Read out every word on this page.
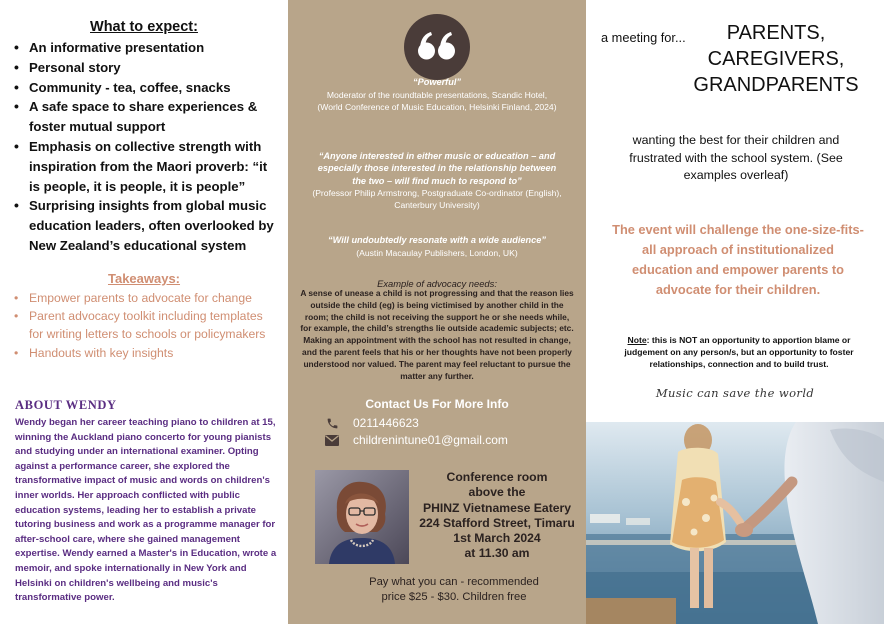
What to expect:
• An informative presentation
• Personal story
• Community - tea, coffee, snacks
• A safe space to share experiences & foster mutual support
• Emphasis on collective strength with inspiration from the Maori proverb: “it is people, it is people, it is people”
• Surprising insights from global music education leaders, often overlooked by New Zealand’s educational system
Takeaways:
• Empower parents to advocate for change
• Parent advocacy toolkit including templates for writing letters to schools or policymakers
• Handouts with key insights
ABOUT WENDY

Wendy began her career teaching piano to children at 15, winning the Auckland piano concerto for young pianists and studying under an international examiner. Opting against a performance career, she explored the transformative impact of music and words on children's inner worlds. Her approach conflicted with public education systems, leading her to establish a private tutoring business and work as a programme manager for after-school care, where she gained management expertise. Wendy earned a Master's in Education, wrote a memoir, and spoke internationally in New York and Helsinki on children's wellbeing and music's transformative power.

“Powerful”
Moderator of the roundtable presentations, Scandic Hotel, (World Conference of Music Education, Helsinki Finland, 2024)
“Anyone interested in either music or education – and especially those interested in the relationship between the two – will find much to respond to”
(Professor Philip Armstrong, Postgraduate Co-ordinator (English), Canterbury University)
“Will undoubtedly resonate with a wide audience”
(Austin Macaulay Publishers, London, UK)
Example of advocacy needs:
A sense of unease a child is not progressing and that the reason lies outside the child (eg) is being victimised by another child in the room; the child is not receiving the support he or she needs while, for example, the child’s strengths lie outside academic subjects; etc. Making an appointment with the school has not resulted in change, and the parent feels that his or her thoughts have not been properly understood nor valued. The parent may feel reluctant to pursue the matter any further.
Contact Us For More Info
0211446623
childrenintune01@gmail.com
Conference room
above the
PHINZ Vietnamese Eatery
224 Stafford Street, Timaru
1st March 2024
at 11.30 am
Pay what you can - recommended
price $25 - $30. Children free
a meeting for...	PARENTS,
CAREGIVERS,
GRANDPARENTS

wanting the best for their children and frustrated with the school system. (See examples overleaf)

The event will challenge the one-size-fits-all approach of institutionalized education and empower parents to advocate for their children.

Note: this is NOT an opportunity to apportion blame or judgement on any person/s, but an opportunity to foster relationships, connection and to build trust.

Music can save the world
